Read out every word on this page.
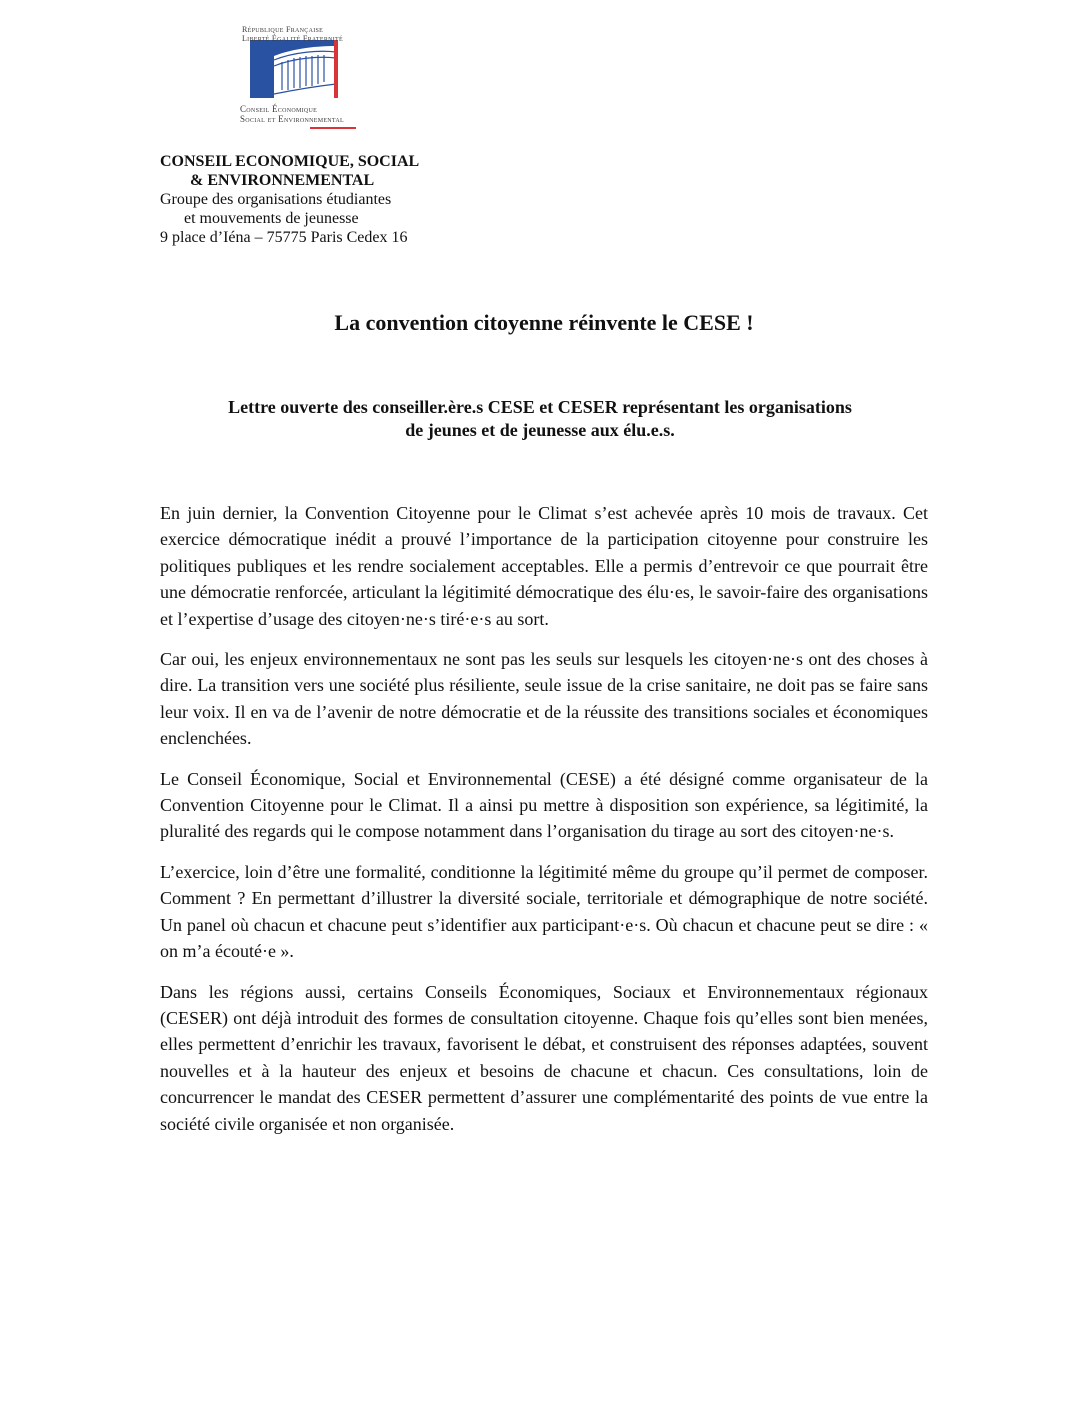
République Française
Liberté Égalité Fraternité
Conseil Économique
Social et Environnemental
CONSEIL ECONOMIQUE, SOCIAL
& ENVIRONNEMENTAL
Groupe des organisations étudiantes
et mouvements de jeunesse
9 place d’Iéna – 75775 Paris Cedex 16
La convention citoyenne réinvente le CESE !
Lettre ouverte des conseiller.ère.s CESE et CESER représentant les organisations
de jeunes et de jeunesse aux élu.e.s.

En juin dernier, la Convention Citoyenne pour le Climat s’est achevée après 10 mois de travaux. Cet exercice démocratique inédit a prouvé l’importance de la participation citoyenne pour construire les politiques publiques et les rendre socialement acceptables. Elle a permis d’entrevoir ce que pourrait être une démocratie renforcée, articulant la légitimité démocratique des élu·es, le savoir-faire des organisations et l’expertise d’usage des citoyen·ne·s tiré·e·s au sort.

Car oui, les enjeux environnementaux ne sont pas les seuls sur lesquels les citoyen·ne·s ont des choses à dire. La transition vers une société plus résiliente, seule issue de la crise sanitaire, ne doit pas se faire sans leur voix. Il en va de l’avenir de notre démocratie et de la réussite des transitions sociales et économiques enclenchées.

Le Conseil Économique, Social et Environnemental (CESE) a été désigné comme organisateur de la Convention Citoyenne pour le Climat. Il a ainsi pu mettre à disposition son expérience, sa légitimité, la pluralité des regards qui le compose notamment dans l’organisation du tirage au sort des citoyen·ne·s.

L’exercice, loin d’être une formalité, conditionne la légitimité même du groupe qu’il permet de composer. Comment ? En permettant d’illustrer la diversité sociale, territoriale et démographique de notre société. Un panel où chacun et chacune peut s’identifier aux participant·e·s. Où chacun et chacune peut se dire : « on m’a écouté·e ».

Dans les régions aussi, certains Conseils Économiques, Sociaux et Environnementaux régionaux (CESER) ont déjà introduit des formes de consultation citoyenne. Chaque fois qu’elles sont bien menées, elles permettent d’enrichir les travaux, favorisent le débat, et construisent des réponses adaptées, souvent nouvelles et à la hauteur des enjeux et besoins de chacune et chacun. Ces consultations, loin de concurrencer le mandat des CESER permettent d’assurer une complémentarité des points de vue entre la société civile organisée et non organisée.
